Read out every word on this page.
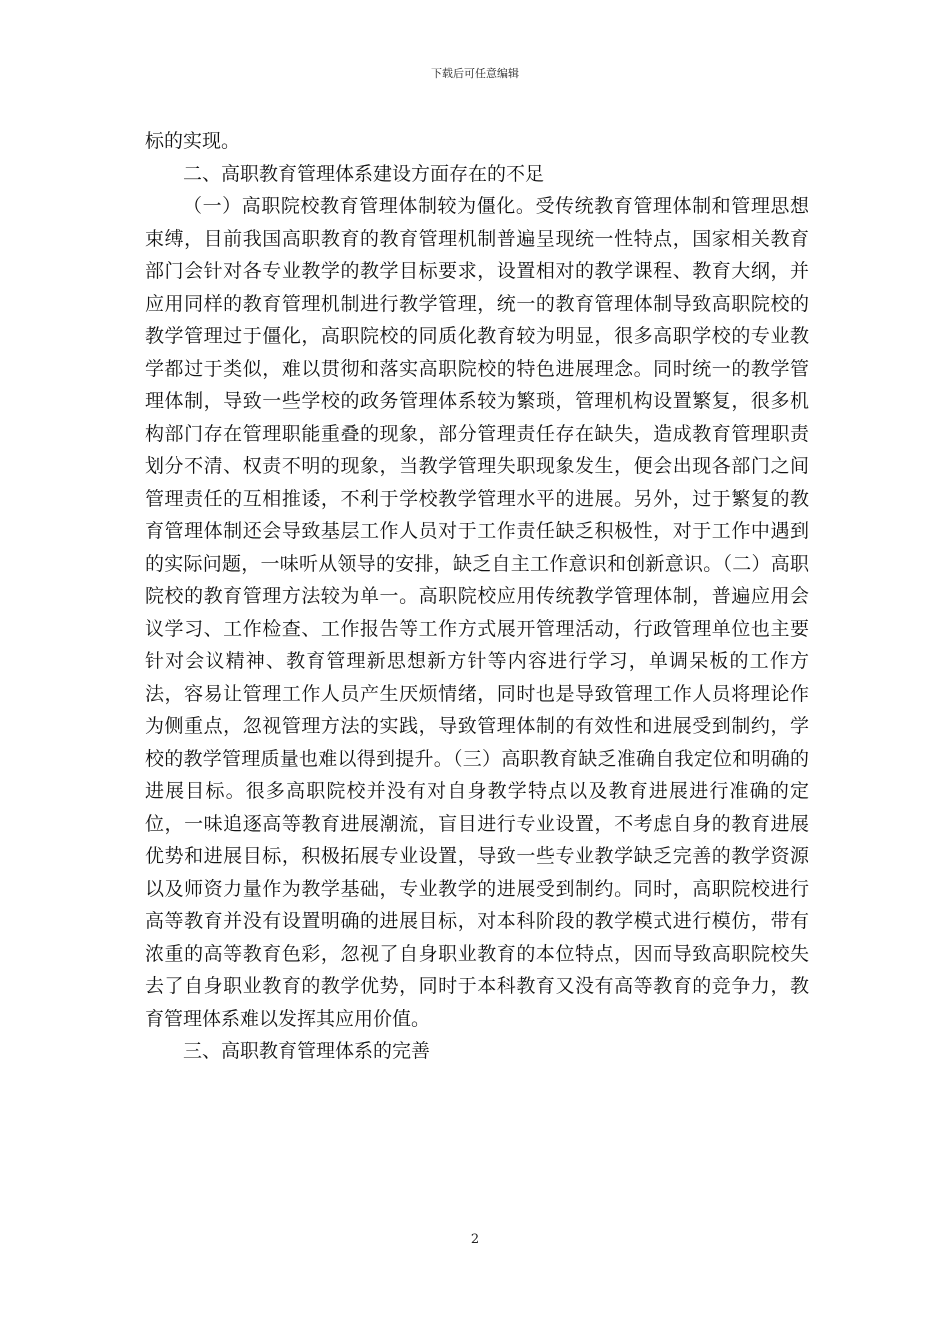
下载后可任意编辑

标的实现。

二、高职教育管理体系建设方面存在的不足

（一）高职院校教育管理体制较为僵化。受传统教育管理体制和管理思想束缚，目前我国高职教育的教育管理机制普遍呈现统一性特点，国家相关教育部门会针对各专业教学的教学目标要求，设置相对的教学课程、教育大纲，并应用同样的教育管理机制进行教学管理，统一的教育管理体制导致高职院校的教学管理过于僵化，高职院校的同质化教育较为明显，很多高职学校的专业教学都过于类似，难以贯彻和落实高职院校的特色进展理念。同时统一的教学管理体制，导致一些学校的政务管理体系较为繁琐，管理机构设置繁复，很多机构部门存在管理职能重叠的现象，部分管理责任存在缺失，造成教育管理职责划分不清、权责不明的现象，当教学管理失职现象发生，便会出现各部门之间管理责任的互相推诿，不利于学校教学管理水平的进展。另外，过于繁复的教育管理体制还会导致基层工作人员对于工作责任缺乏积极性，对于工作中遇到的实际问题，一味听从领导的安排，缺乏自主工作意识和创新意识。（二）高职院校的教育管理方法较为单一。高职院校应用传统教学管理体制，普遍应用会议学习、工作检查、工作报告等工作方式展开管理活动，行政管理单位也主要针对会议精神、教育管理新思想新方针等内容进行学习，单调呆板的工作方法，容易让管理工作人员产生厌烦情绪，同时也是导致管理工作人员将理论作为侧重点，忽视管理方法的实践，导致管理体制的有效性和进展受到制约，学校的教学管理质量也难以得到提升。（三）高职教育缺乏准确自我定位和明确的进展目标。很多高职院校并没有对自身教学特点以及教育进展进行准确的定位，一味追逐高等教育进展潮流，盲目进行专业设置，不考虑自身的教育进展优势和进展目标，积极拓展专业设置，导致一些专业教学缺乏完善的教学资源以及师资力量作为教学基础，专业教学的进展受到制约。同时，高职院校进行高等教育并没有设置明确的进展目标，对本科阶段的教学模式进行模仿，带有浓重的高等教育色彩，忽视了自身职业教育的本位特点，因而导致高职院校失去了自身职业教育的教学优势，同时于本科教育又没有高等教育的竞争力，教育管理体系难以发挥其应用价值。

三、高职教育管理体系的完善

2
